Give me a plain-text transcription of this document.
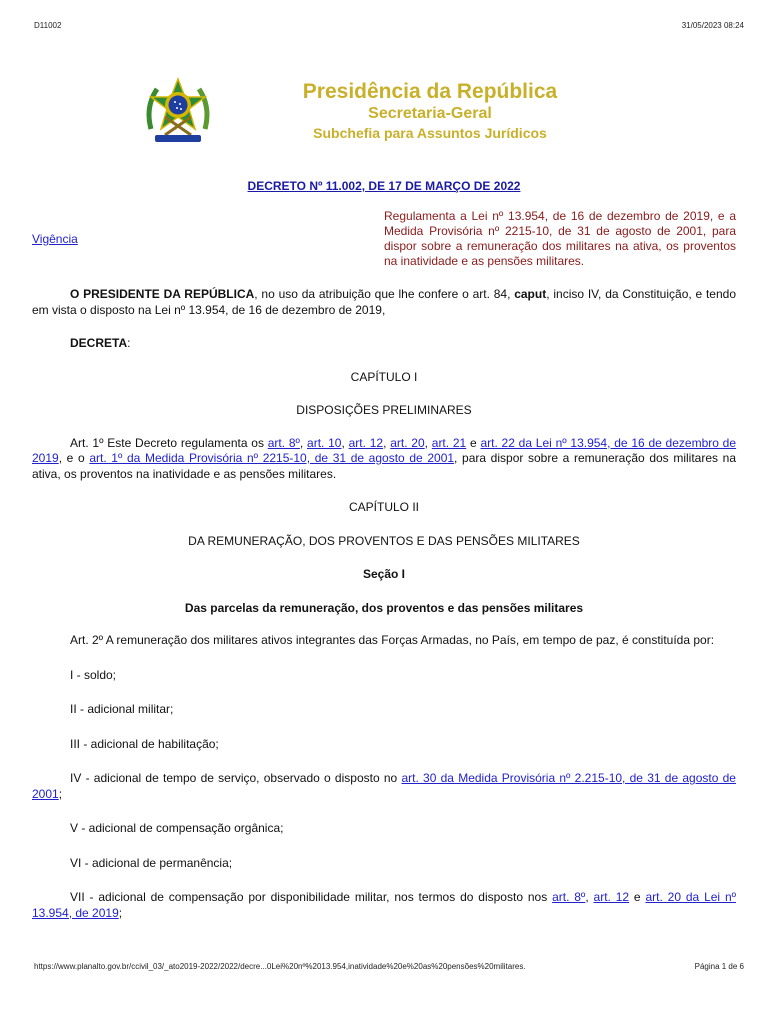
D11002	31/05/2023 08:24
Presidência da República
Secretaria-Geral
Subchefia para Assuntos Jurídicos
DECRETO Nº 11.002, DE 17 DE MARÇO DE 2022
Vigência
Regulamenta a Lei nº 13.954, de 16 de dezembro de 2019, e a Medida Provisória nº 2215-10, de 31 de agosto de 2001, para dispor sobre a remuneração dos militares na ativa, os proventos na inatividade e as pensões militares.

O PRESIDENTE DA REPÚBLICA, no uso da atribuição que lhe confere o art. 84, caput, inciso IV, da Constituição, e tendo em vista o disposto na Lei nº 13.954, de 16 de dezembro de 2019,

DECRETA:

CAPÍTULO I

DISPOSIÇÕES PRELIMINARES

Art. 1º Este Decreto regulamenta os art. 8º, art. 10, art. 12, art. 20, art. 21 e art. 22 da Lei nº 13.954, de 16 de dezembro de 2019, e o art. 1º da Medida Provisória nº 2215-10, de 31 de agosto de 2001, para dispor sobre a remuneração dos militares na ativa, os proventos na inatividade e as pensões militares.

CAPÍTULO II

DA REMUNERAÇÃO, DOS PROVENTOS E DAS PENSÕES MILITARES

Seção I

Das parcelas da remuneração, dos proventos e das pensões militares

Art. 2º A remuneração dos militares ativos integrantes das Forças Armadas, no País, em tempo de paz, é constituída por:

I - soldo;

II - adicional militar;

III - adicional de habilitação;

IV - adicional de tempo de serviço, observado o disposto no art. 30 da Medida Provisória nº 2.215-10, de 31 de agosto de 2001;

V - adicional de compensação orgânica;

VI - adicional de permanência;

VII - adicional de compensação por disponibilidade militar, nos termos do disposto nos art. 8º, art. 12 e art. 20 da Lei nº 13.954, de 2019;

https://www.planalto.gov.br/ccivil_03/_ato2019-2022/2022/decre...0Lei%20nº%2013.954,inatividade%20e%20as%20pensões%20militares.	Página 1 de 6
